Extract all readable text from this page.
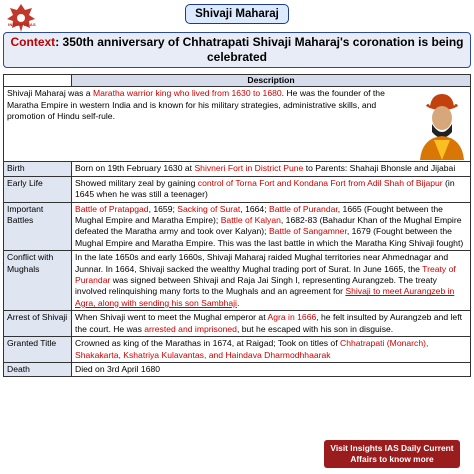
INSIGHTSIAS
Shivaji Maharaj
Context: 350th anniversary of Chhatrapati Shivaji Maharaj's coronation is being celebrated
	Description

Shivaji Maharaj was a Maratha warrior king who lived from 1630 to 1680. He was the founder of the Maratha Empire in western India and is known for his military strategies, administrative skills, and promotion of Hindu self-rule.	
Birth	Born on 19th February 1630 at Shivneri Fort in District Pune to Parents: Shahaji Bhonsle and Jijabai
Early Life	Showed military zeal by gaining control of Torna Fort and Kondana Fort from Adil Shah of Bijapur (in 1645 when he was still a teenager)
Important Battles	Battle of Pratapgad, 1659; Sacking of Surat, 1664; Battle of Purandar, 1665 (Fought between the Mughal Empire and Maratha Empire); Battle of Kalyan, 1682-83 (Bahadur Khan of the Mughal Empire defeated the Maratha army and took over Kalyan); Battle of Sangamner, 1679 (Fought between the Mughal Empire and Maratha Empire. This was the last battle in which the Maratha King Shivaji fought)
Conflict with Mughals	In the late 1650s and early 1660s, Shivaji Maharaj raided Mughal territories near Ahmednagar and Junnar. In 1664, Shivaji sacked the wealthy Mughal trading port of Surat. In June 1665, the Treaty of Purandar was signed between Shivaji and Raja Jai Singh I, representing Aurangzeb. The treaty involved relinquishing many forts to the Mughals and an agreement for Shivaji to meet Aurangzeb in Agra, along with sending his son Sambhaji.
Arrest of Shivaji	When Shivaji went to meet the Mughal emperor at Agra in 1666, he felt insulted by Aurangzeb and left the court. He was arrested and imprisoned, but he escaped with his son in disguise.
Granted Title	Crowned as king of the Marathas in 1674, at Raigad; Took on titles of Chhatrapati (Monarch), Shakakarta, Kshatriya Kulavantas, and Haindava Dharmodhhaarak
Death	Died on 3rd April 1680
Visit Insights IAS Daily Current Affairs to know more
